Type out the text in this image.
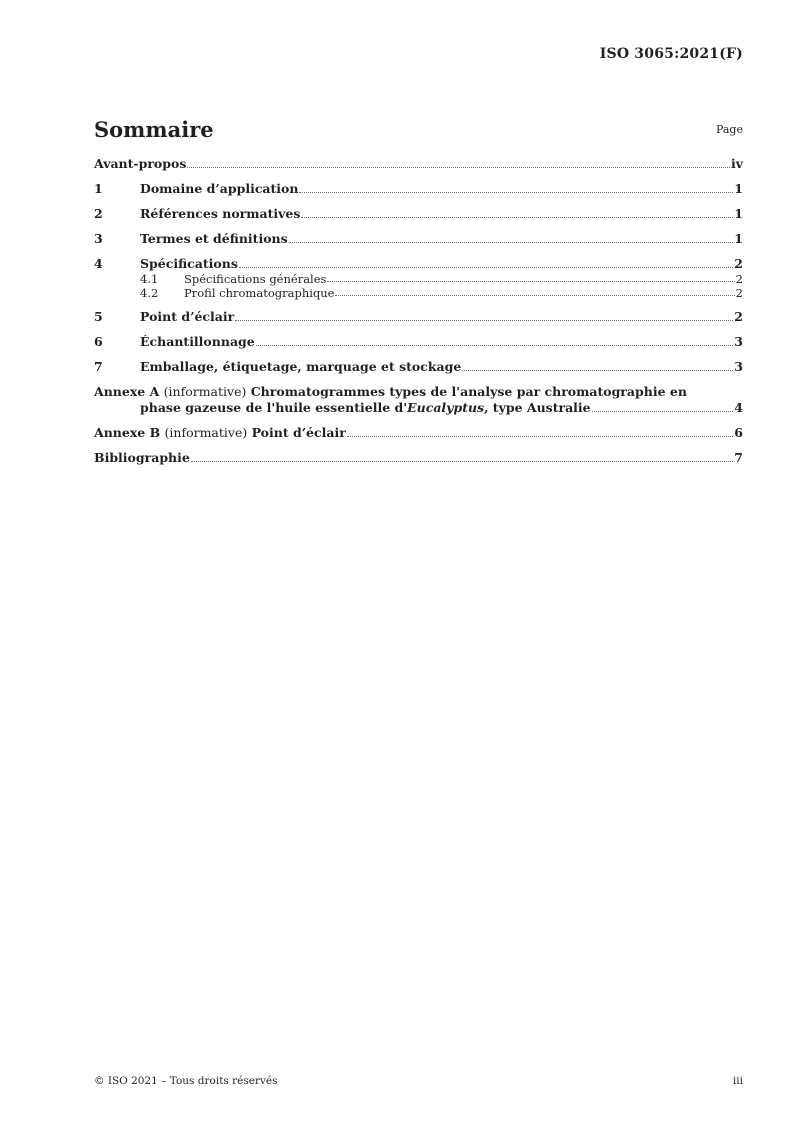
ISO 3065:2021(F)
Sommaire	Page
Avant-propos	iv
1	Domaine d’application	1
2	Références normatives	1
3	Termes et définitions	1
4	Spécifications	2
4.1	Spécifications générales	2
4.2	Profil chromatographique	2
5	Point d’éclair	2
6	Échantillonnage	3
7	Emballage, étiquetage, marquage et stockage	3
Annexe A (informative) Chromatogrammes types de l'analyse par chromatographie en
phase gazeuse de l'huile essentielle d'Eucalyptus, type Australie	4
Annexe B (informative) Point d’éclair	6
Bibliographie	7
© ISO 2021 – Tous droits réservés	iii
